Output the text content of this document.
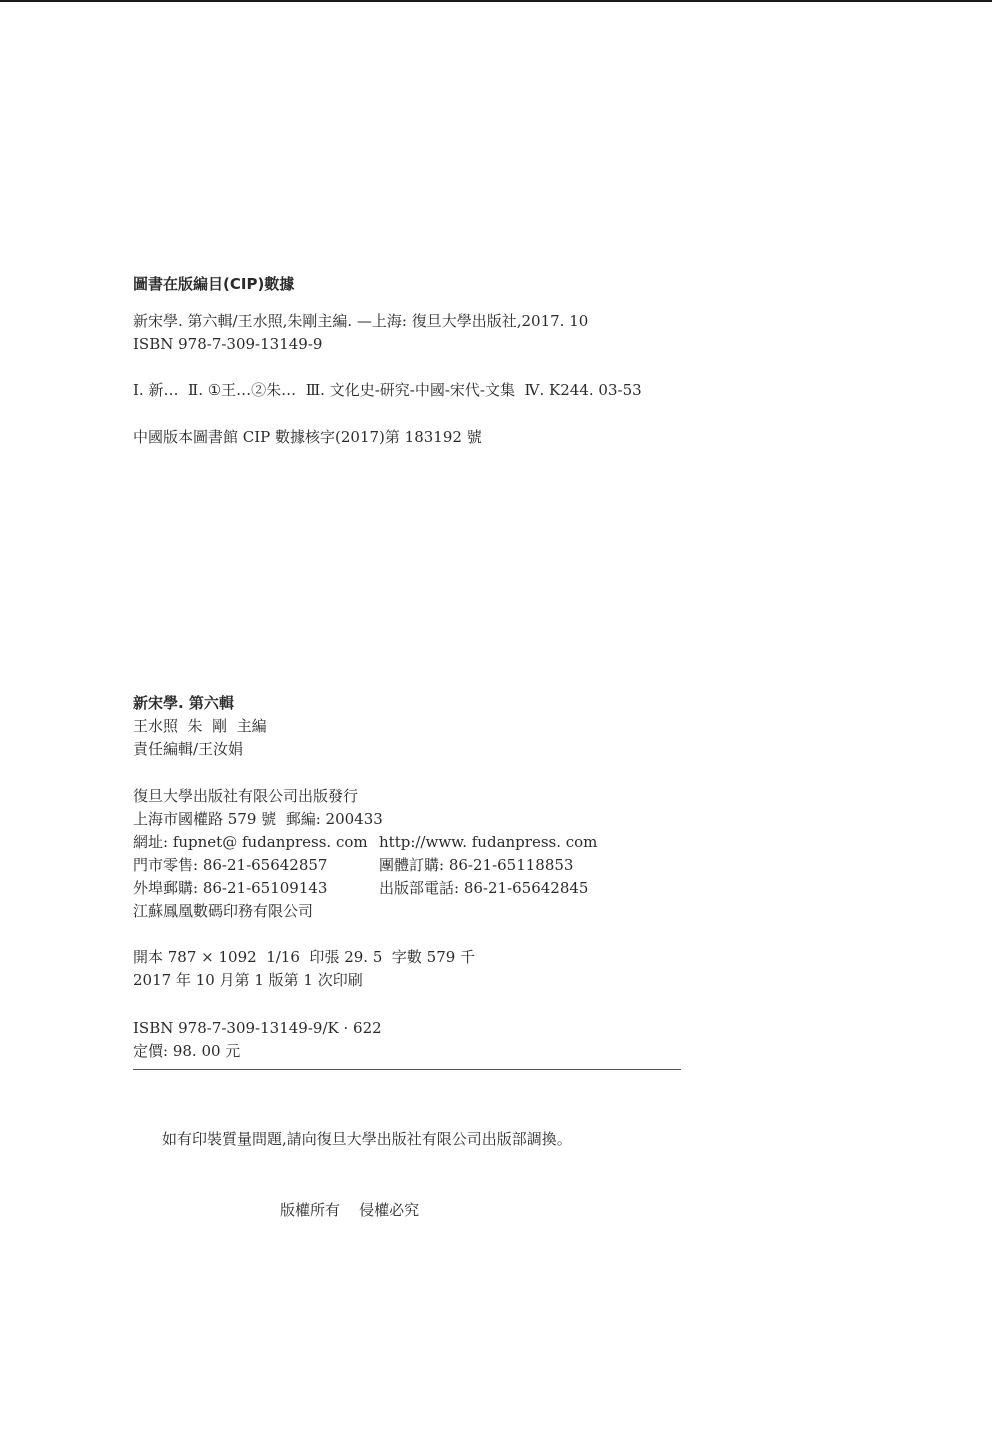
圖書在版編目(CIP)數據
新宋學. 第六輯/王水照,朱剛主編. —上海: 復旦大學出版社,2017. 10
ISBN 978-7-309-13149-9
Ⅰ. 新…  Ⅱ. ①王…②朱…  Ⅲ. 文化史-研究-中國-宋代-文集  Ⅳ. K244. 03-53
中國版本圖書館 CIP 數據核字(2017)第 183192 號
新宋學. 第六輯
王水照  朱  剛  主編
責任編輯/王汝娟
復旦大學出版社有限公司出版發行
上海市國權路 579 號  郵編: 200433
網址: fupnet@ fudanpress. com http://www. fudanpress. com
門市零售: 86-21-65642857	團體訂購: 86-21-65118853
外埠郵購: 86-21-65109143	出版部電話: 86-21-65642845
江蘇鳳凰數碼印務有限公司
開本 787 × 1092  1/16  印張 29. 5  字數 579 千
2017 年 10 月第 1 版第 1 次印刷
ISBN 978-7-309-13149-9/K · 622
定價: 98. 00 元

如有印裝質量問題,請向復旦大學出版社有限公司出版部調換。

版權所有    侵權必究
